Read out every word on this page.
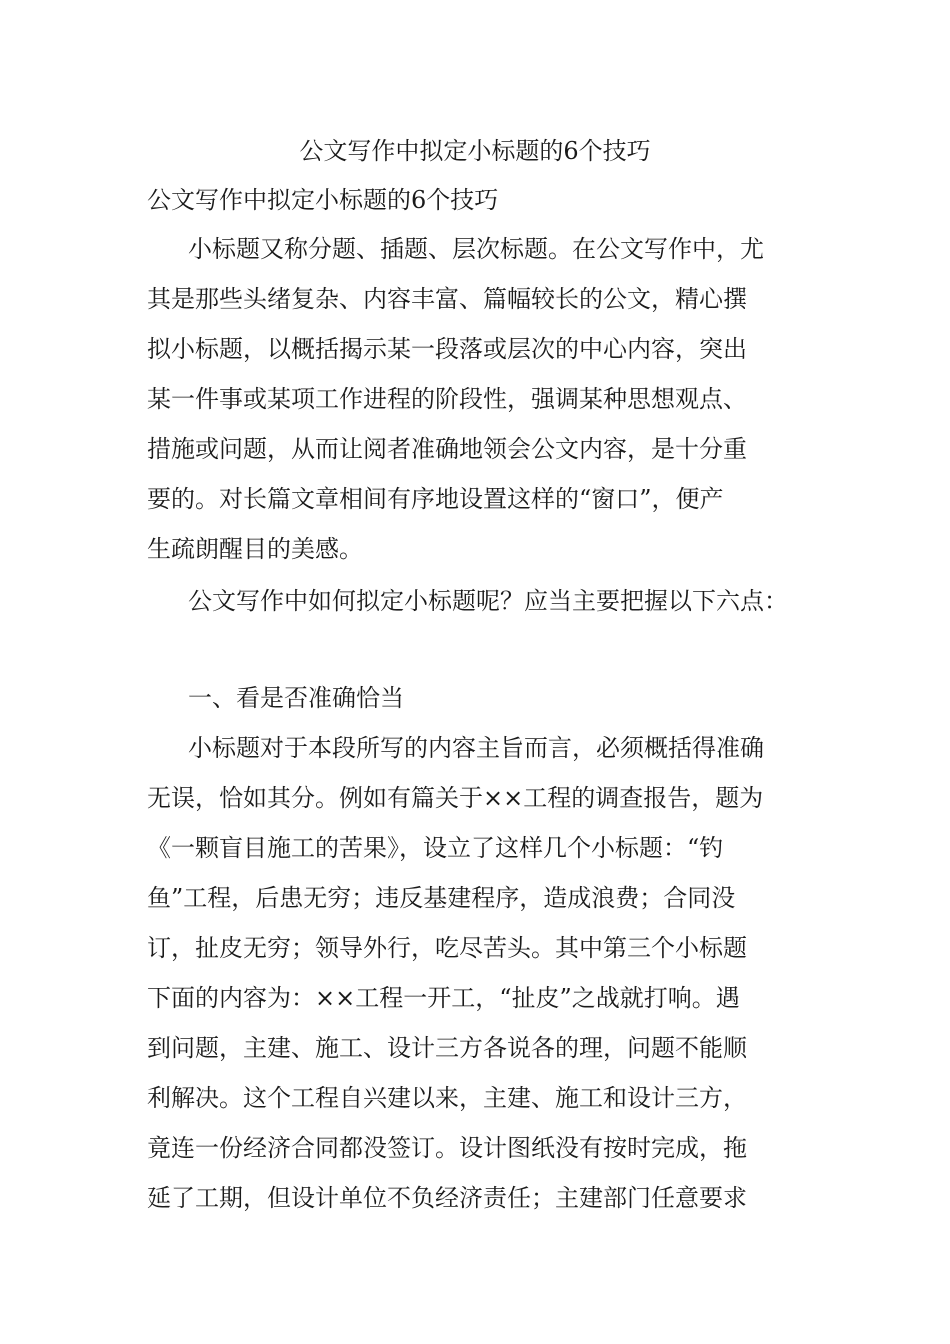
公文写作中拟定小标题的6个技巧

公文写作中拟定小标题的6个技巧

小标题又称分题、插题、层次标题。在公文写作中，尤

其是那些头绪复杂、内容丰富、篇幅较长的公文，精心撰

拟小标题，以概括揭示某一段落或层次的中心内容，突出

某一件事或某项工作进程的阶段性，强调某种思想观点、

措施或问题，从而让阅者准确地领会公文内容，是十分重

要的。对长篇文章相间有序地设置这样的“窗口”，便产

生疏朗醒目的美感。

公文写作中如何拟定小标题呢？应当主要把握以下六点：

一、看是否准确恰当

小标题对于本段所写的内容主旨而言，必须概括得准确

无误，恰如其分。例如有篇关于××工程的调查报告，题为

《一颗盲目施工的苦果》，设立了这样几个小标题：“钓

鱼”工程，后患无穷；违反基建程序，造成浪费；合同没

订，扯皮无穷；领导外行，吃尽苦头。其中第三个小标题

下面的内容为：××工程一开工，“扯皮”之战就打响。遇

到问题，主建、施工、设计三方各说各的理，问题不能顺

利解决。这个工程自兴建以来，主建、施工和设计三方，

竟连一份经济合同都没签订。设计图纸没有按时完成，拖

延了工期，但设计单位不负经济责任；主建部门任意要求
